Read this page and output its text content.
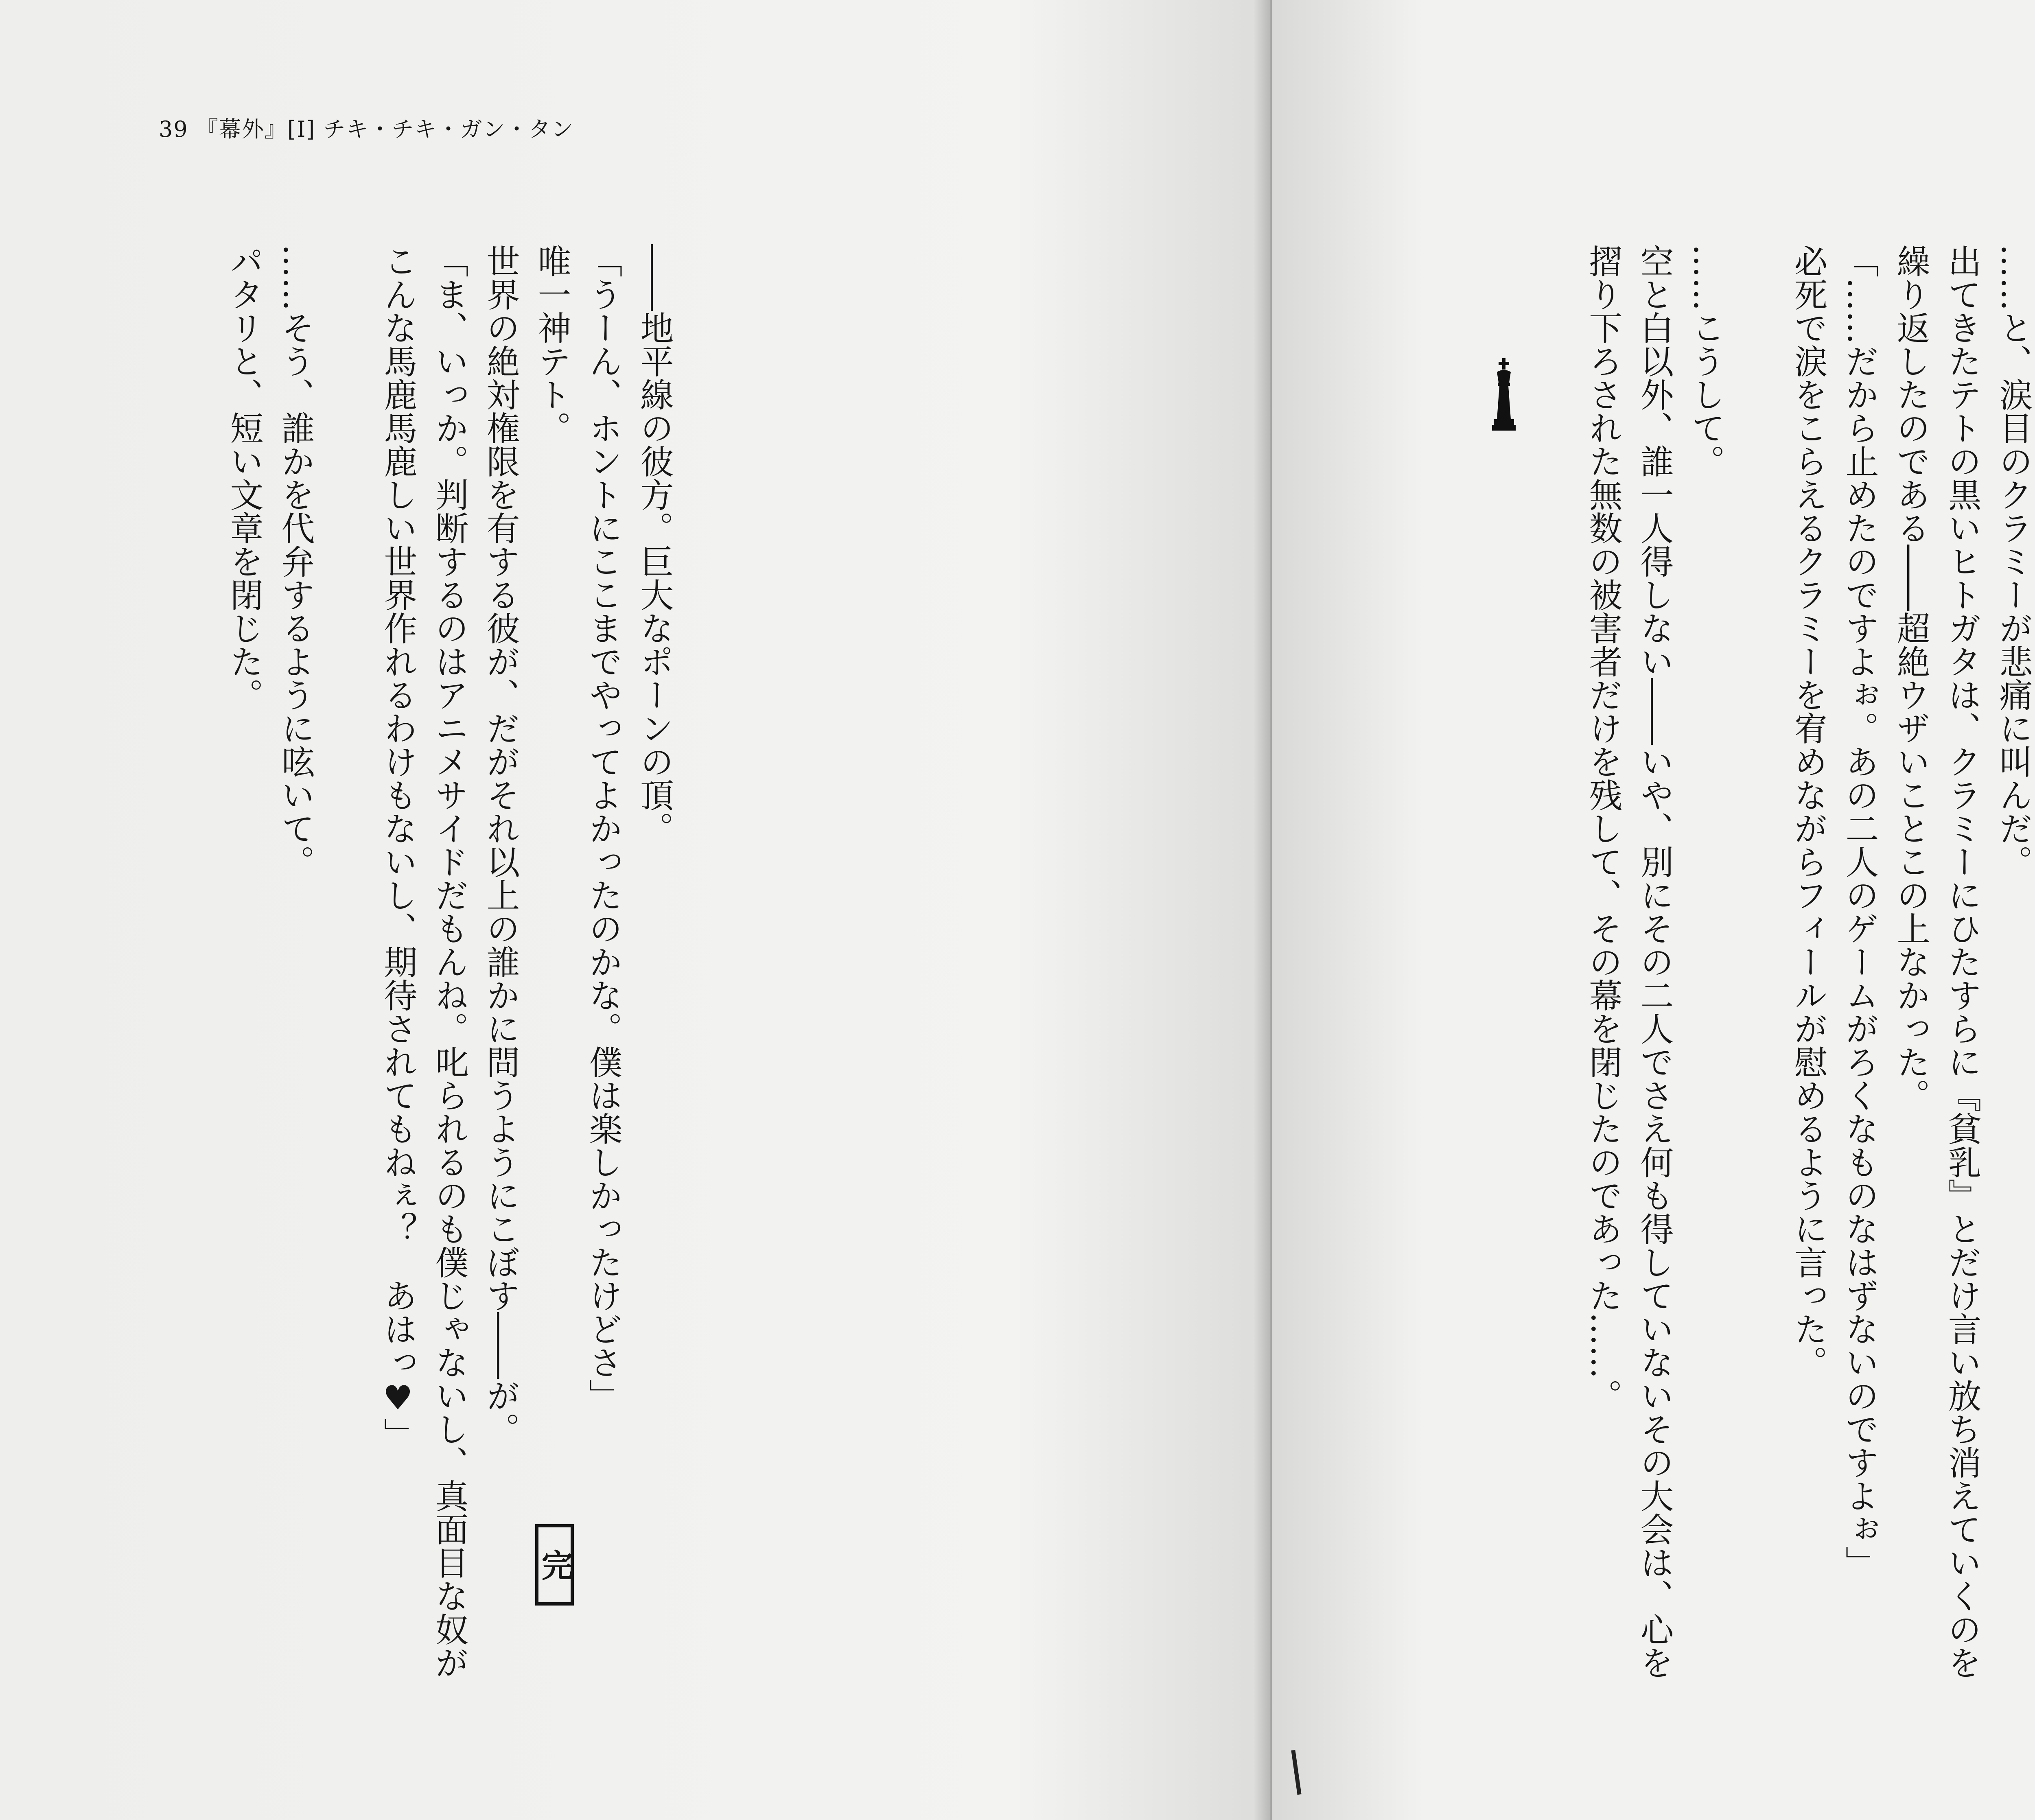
39 『幕外』[Ⅰ] チキ・チキ・ガン・タン

――地平線の彼方。巨大なポーンの頂。

「うーん、ホントにここまでやってよかったのかな。僕は楽しかったけどさ」

唯一神テト。

世界の絶対権限を有する彼が、だがそれ以上の誰かに問うようにこぼす――が。

「ま、いっか。判断するのはアニメサイドだもんね。叱られるのも僕じゃないし、真面目な奴がこんな馬鹿馬鹿しい世界作れるわけもないし、期待されてもねぇ？　あはっ♥」

……そう、誰かを代弁するように呟いて。

パタリと、短い文章を閉じた。

完

……と、涙目のクラミーが悲痛に叫んだ。

出てきたテトの黒いヒトガタは、クラミーにひたすらに『貧乳』とだけ言い放ち消えていくのを繰り返したのである――超絶ウザいことこの上なかった。

「……だから止めたのですよぉ。あの二人のゲームがろくなものなはずないのですよぉ」

必死で涙をこらえるクラミーを宥めながらフィールが慰めるように言った。

……こうして。

空と白以外、誰一人得しない――いや、別にその二人でさえ何も得していないその大会は、心を摺り下ろされた無数の被害者だけを残して、その幕を閉じたのであった……。
